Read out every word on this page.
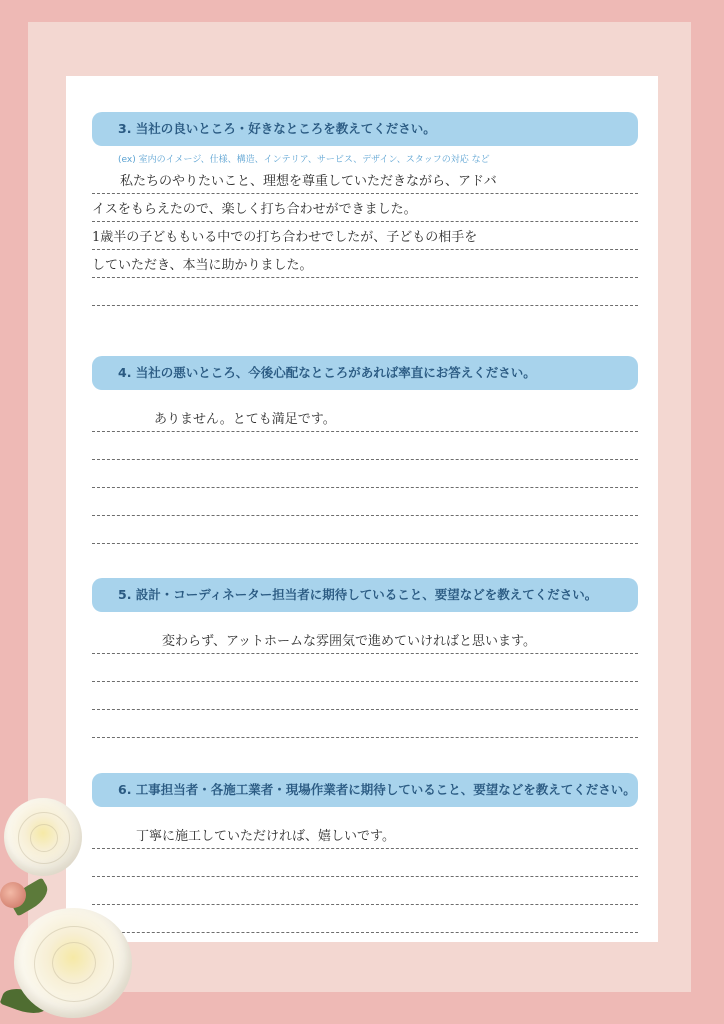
3. 当社の良いところ・好きなところを教えてください。
(ex) 室内のイメージ、仕様、構造、インテリア、サービス、デザイン、スタッフの対応 など
私たちのやりたいこと、理想を尊重していただきながら、アドバ
イスをもらえたので、楽しく打ち合わせができました。
1歳半の子どももいる中での打ち合わせでしたが、子どもの相手を
していただき、本当に助かりました。
4. 当社の悪いところ、今後心配なところがあれば率直にお答えください。
ありません。とても満足です。
5. 設計・コーディネーター担当者に期待していること、要望などを教えてください。
変わらず、アットホームな雰囲気で進めていければと思います。
6. 工事担当者・各施工業者・現場作業者に期待していること、要望などを教えてください。
丁寧に施工していただければ、嬉しいです。
